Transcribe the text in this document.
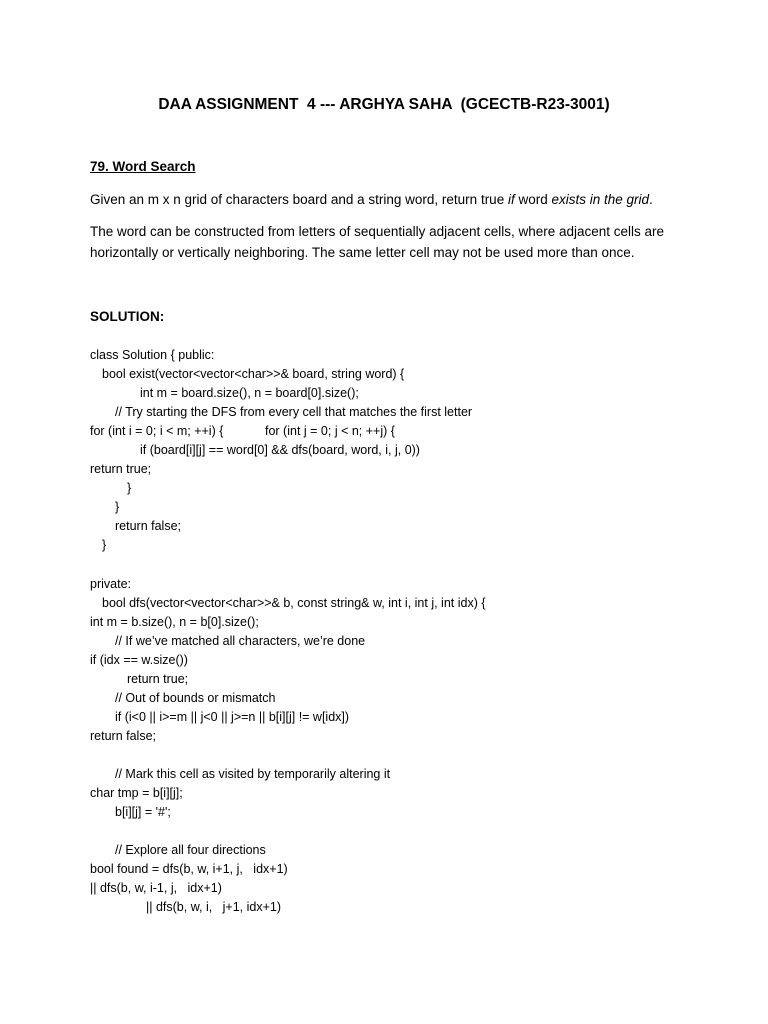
DAA ASSIGNMENT  4 --- ARGHYA SAHA  (GCECTB-R23-3001)
79. Word Search
Given an m x n grid of characters board and a string word, return true if word exists in the grid.
The word can be constructed from letters of sequentially adjacent cells, where adjacent cells are horizontally or vertically neighboring. The same letter cell may not be used more than once.
SOLUTION:
class Solution { public:
bool exist(vector<vector<char>>& board, string word) {
int m = board.size(), n = board[0].size();
// Try starting the DFS from every cell that matches the first letter
for (int i = 0; i < m; ++i) {	for (int j = 0; j < n; ++j) {
if (board[i][j] == word[0] && dfs(board, word, i, j, 0))
return true;
}
}
return false;
}
private:
bool dfs(vector<vector<char>>& b, const string& w, int i, int j, int idx) {
int m = b.size(), n = b[0].size();
// If we’ve matched all characters, we’re done
if (idx == w.size())
return true;
// Out of bounds or mismatch
if (i<0 || i>=m || j<0 || j>=n || b[i][j] != w[idx])
return false;
// Mark this cell as visited by temporarily altering it
char tmp = b[i][j];
b[i][j] = '#';
// Explore all four directions
bool found = dfs(b, w, i+1, j,   idx+1)
|| dfs(b, w, i-1, j,   idx+1)
|| dfs(b, w, i,   j+1, idx+1)
